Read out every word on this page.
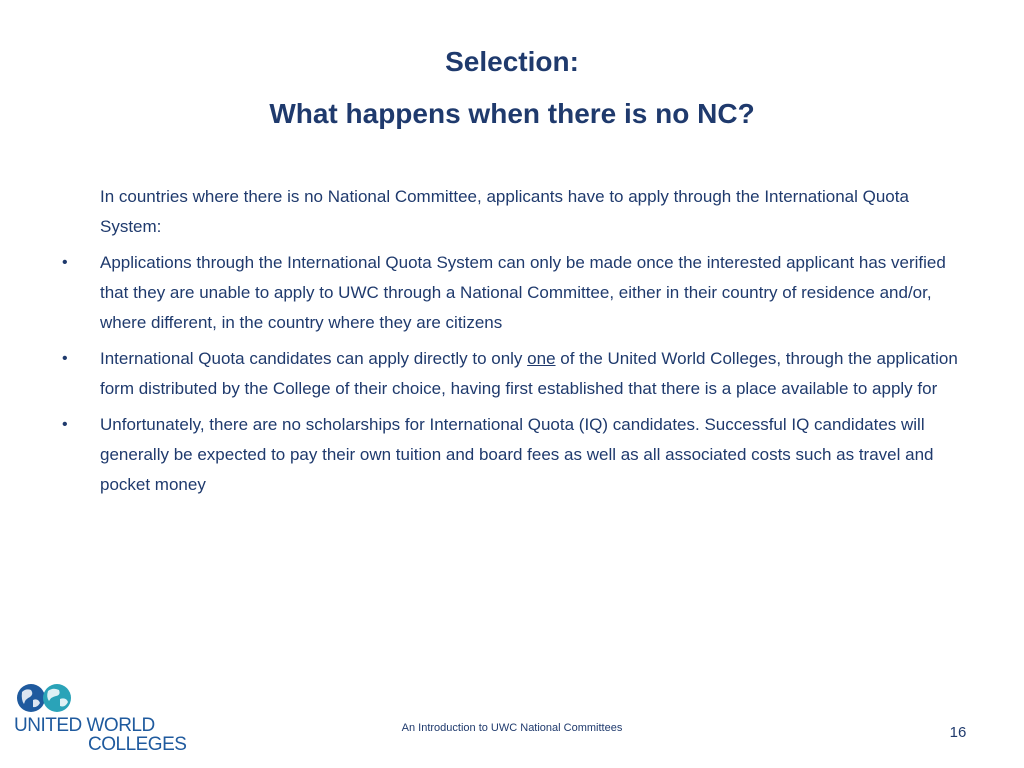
Selection:
What happens when there is no NC?

In countries where there is no National Committee, applicants have to apply through the International Quota System:

• Applications through the International Quota System can only be made once the interested applicant has verified that they are unable to apply to UWC through a National Committee, either in their country of residence and/or, where different, in the country where they are citizens
• International Quota candidates can apply directly to only one of the United World Colleges, through the application form distributed by the College of their choice, having first established that there is a place available to apply for
• Unfortunately, there are no scholarships for International Quota (IQ) candidates. Successful IQ candidates will generally be expected to pay their own tuition and board fees as well as all associated costs such as travel and pocket money
UNITED WORLD
COLLEGES
An Introduction to UWC National Committees	16
